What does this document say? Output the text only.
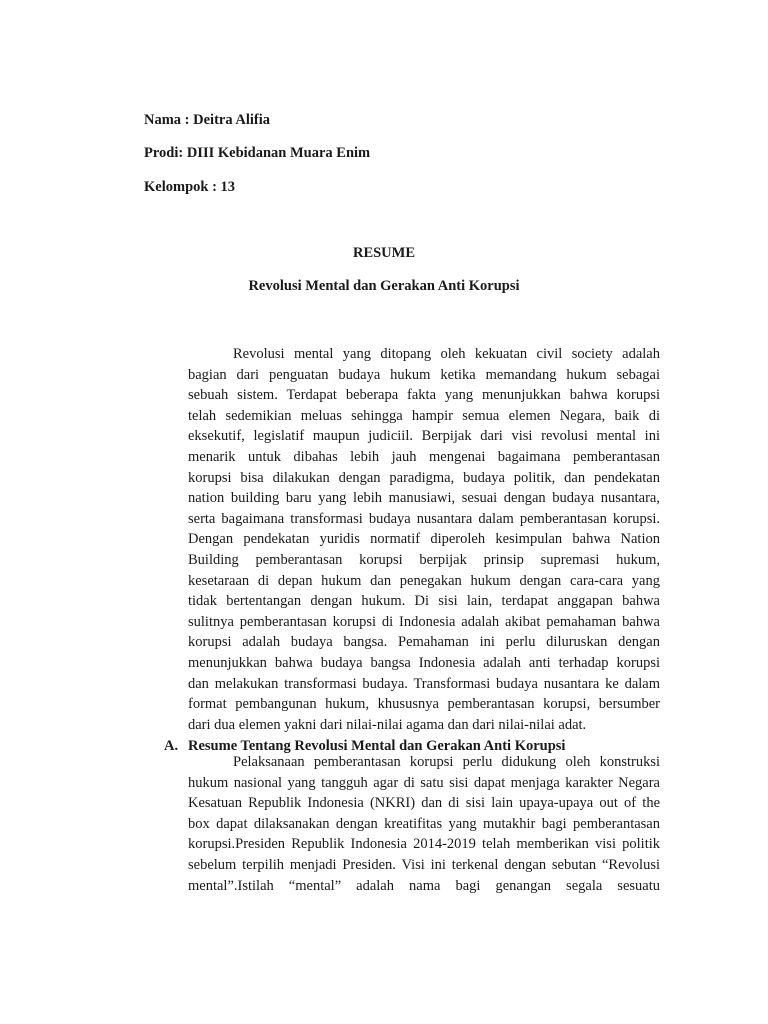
Nama : Deitra Alifia
Prodi: DIII Kebidanan Muara Enim
Kelompok : 13
RESUME
Revolusi Mental dan Gerakan Anti Korupsi
Revolusi mental yang ditopang oleh kekuatan civil society adalah
bagian dari penguatan budaya hukum ketika memandang hukum sebagai
sebuah sistem. Terdapat beberapa fakta yang menunjukkan bahwa korupsi
telah sedemikian meluas sehingga hampir semua elemen Negara, baik di
eksekutif, legislatif maupun judiciil. Berpijak dari visi revolusi mental ini
menarik untuk dibahas lebih jauh mengenai bagaimana pemberantasan
korupsi bisa dilakukan dengan paradigma, budaya politik, dan pendekatan
nation building baru yang lebih manusiawi, sesuai dengan budaya nusantara,
serta bagaimana transformasi budaya nusantara dalam pemberantasan korupsi.
Dengan pendekatan yuridis normatif diperoleh kesimpulan bahwa Nation
Building pemberantasan korupsi berpijak prinsip supremasi hukum,
kesetaraan di depan hukum dan penegakan hukum dengan cara-cara yang
tidak bertentangan dengan hukum. Di sisi lain, terdapat anggapan bahwa
sulitnya pemberantasan korupsi di Indonesia adalah akibat pemahaman bahwa
korupsi adalah budaya bangsa. Pemahaman ini perlu diluruskan dengan
menunjukkan bahwa budaya bangsa Indonesia adalah anti terhadap korupsi
dan melakukan transformasi budaya. Transformasi budaya nusantara ke dalam
format pembangunan hukum, khususnya pemberantasan korupsi, bersumber
dari dua elemen yakni dari nilai-nilai agama dan dari nilai-nilai adat.
A. Resume Tentang Revolusi Mental dan Gerakan Anti Korupsi
Pelaksanaan pemberantasan korupsi perlu didukung oleh konstruksi
hukum nasional yang tangguh agar di satu sisi dapat menjaga karakter Negara
Kesatuan Republik Indonesia (NKRI) dan di sisi lain upaya-upaya out of the
box dapat dilaksanakan dengan kreatifitas yang mutakhir bagi pemberantasan
korupsi.Presiden Republik Indonesia 2014-2019 telah memberikan visi politik
sebelum terpilih menjadi Presiden. Visi ini terkenal dengan sebutan “Revolusi
mental”.Istilah “mental” adalah nama bagi genangan segala sesuatu
